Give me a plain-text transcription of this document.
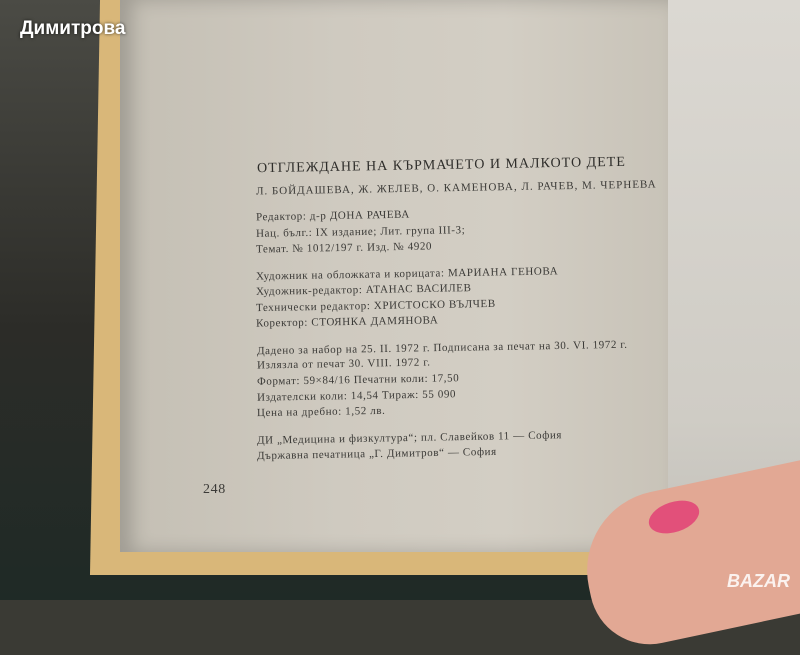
Димитрова
ОТГЛЕЖДАНЕ НА КЪРМАЧЕТО И МАЛКОТО ДЕТЕ
Л. БОЙДАШЕВА, Ж. ЖЕЛЕВ, О. КАМЕНОВА, Л. РАЧЕВ, М. ЧЕРНЕВА
Редактор: д-р ДОНА РАЧЕВА
Нац. бълг.: IX издание; Лит. група III-3;
Темат. № 1012/197 г. Изд. № 4920
Художник на обложката и корицата: МАРИАНА ГЕНОВА
Художник-редактор: АТАНАС ВАСИЛЕВ
Технически редактор: ХРИСТОСКО ВЪЛЧЕВ
Коректор: СТОЯНКА ДАМЯНОВА
Дадено за набор на 25. II. 1972 г. Подписана за печат на 30. VI. 1972 г.
Излязла от печат 30. VIII. 1972 г.
Формат: 59×84/16 Печатни коли: 17,50
Издателски коли: 14,54 Тираж: 55 090
Цена на дребно: 1,52 лв.
ДИ „Медицина и физкултура“; пл. Славейков 11 — София
Държавна печатница „Г. Димитров“ — София
248
BAZAR
